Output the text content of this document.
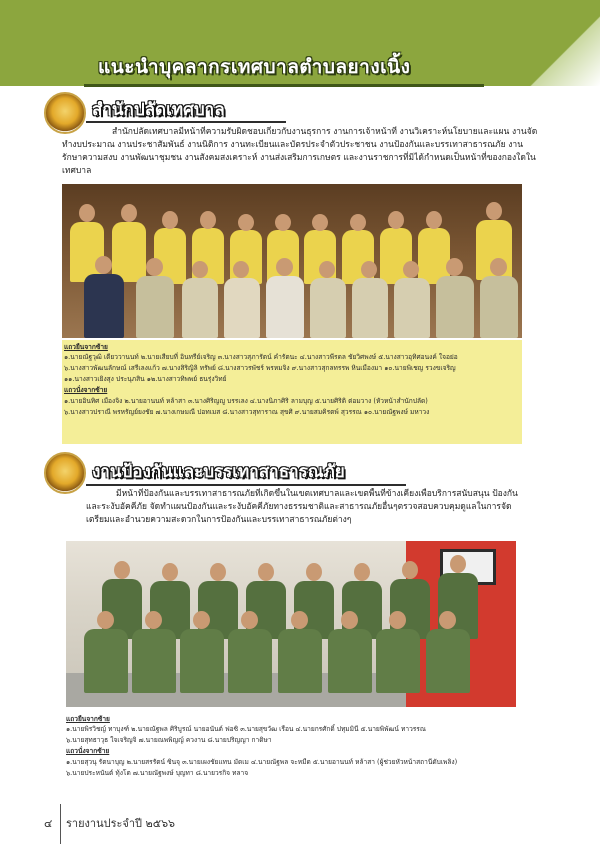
แนะนำบุคลากรเทศบาลตำบลยางเนิ้ง
สำนักปลัดเทศบาล
สำนักปลัดเทศบาลมีหน้าที่ความรับผิดชอบเกี่ยวกับงานธุรการ งานการเจ้าหน้าที่ งานวิเคราะห์นโยบายและแผน งานจัดทำงบประมาณ งานประชาสัมพันธ์ งานนิติการ งานทะเบียนและบัตรประจำตัวประชาชน งานป้องกันและบรรเทาสาธารณภัย งานรักษาความสงบ งานพัฒนาชุมชน งานสังคมสงเคราะห์ งานส่งเสริมการเกษตร และงานราชการที่มิได้กำหนดเป็นหน้าที่ของกองใดในเทศบาล
แถวยืนจากซ้าย
๑.นายณัฐวุฒิ เตียววานนท์ ๒.นายเสียบที่ อินทรีย์เจริญ ๓.นางสาวสุภารัตน์ คำรัตนะ ๔.นางสาวพีรดล ชัยวิศพงษ์ ๕.นางสาวอุทิศอนงค์ ใจอย่อ
๖.นางสาวพัฒนลักษณ์ เสรีเลงแก้ว ๗.นางสิริญิลิ ทรัพย์ ๘.นางสาวรพัชร์ พรหมจิง ๙.นางสาวสุกลทรรพ หินเมืองมา ๑๐.นายพิเชญ รวงขเจริญ
๑๑.นางสาวเยิงสุง ประนุภสิน ๑๒.นางสาวทิพพย์ ธนรุ่งวิทย์
แถวนั่งจากซ้าย
๑.นายอินทิศ เมืองจิง ๒.นายอานนท์ หล้าสา ๓.นางศิริญญู บรรเลง ๔.นางนิภาศิริ ลามบุญ ๕.นายศิริติ ต่อมวาง (หัวหน้าสำนักปลัด)
๖.นางสาวปราณี พรหรัญย์ยงชัย ๗.นางเกษมณี ปอทเมส ๘.นางสาวสุทาราณ สุขศิ ๙.นายสมคิรตพ์ สุวรรณ ๑๐.นายณัฐพงษ์ มหาวง
งานป้องกันและบรรเทาสาธารณภัย
มีหน้าที่ป้องกันและบรรเทาสาธารณภัยที่เกิดขึ้นในเขตเทศบาลและเขตพื้นที่ข้างเคียงเพื่อบริการสนับสนุน ป้องกันและระงับอัคคีภัย จัดทำแผนป้องกันและระงับอัคคีภัยทางธรรมชาติและสาธารณภัยอื่นๆตรวจสอบควบคุมดูแลในการจัดเตรียมและอำนวยความสะดวกในการป้องกันและบรรเทาสาธารณภัยต่างๆ
แถวยืนจากซ้าย
๑.นายพิรวิชญ์ ทาบุงฑ์ ๒.นายณัฐพล ศิริบูรณ์ นายอนันต์ ฟอซิ ๓.นายสุขวัฒ เรือน ๔.นายกรศักดิ์ ปทุมมินี ๕.นายพิพัฒน์ ทาวรรณ
๖.นายสุทธาวุธ ใจเจริญจิ ๗.นายณพพิญญ์ ควงาน ๘.นายปริญญา กาดิษา
แถวนั่งจากซ้าย
๑.นายสุวนุ รัตนาบุญ ๒.นายสรรัตน์ ซินจุ ๓.นายเผงชัยแทน มัดเม ๔.นายณัฐพล จะหมืด ๕.นายอานนท์ หล้าสา (ผู้ช่วยหัวหน้าสถานีดับเพลิง)
๖.นายประหนันต์ ทุ้งโต ๗.นายณัฐพงษ์ บุญทา ๘.นายวรกิจ ทลาจ
๔ รายงานประจำปี ๒๕๖๖
